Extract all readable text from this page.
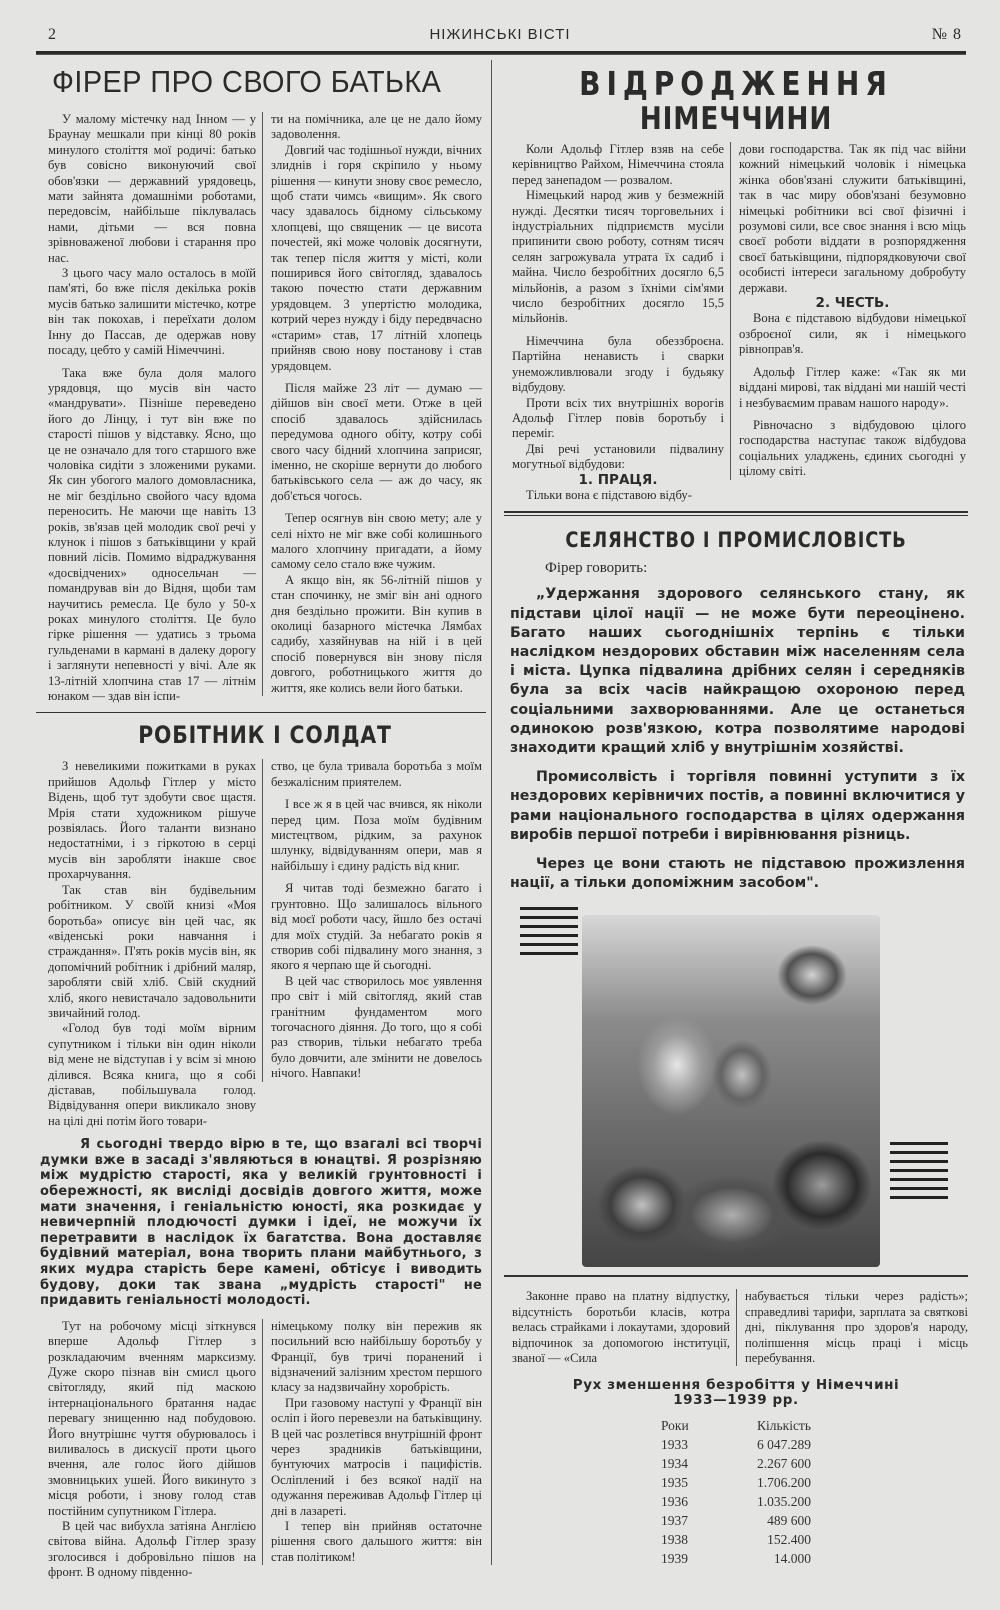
2	НІЖИНСЬКІ ВІСТІ	№ 8
ФІРЕР ПРО СВОГО БАТЬКА

У малому містечку над Інном — у Браунау мешкали при кінці 80 років минулого століття мої родичі: батько був совісно виконуючий свої обов'язки — державний урядовець, мати зайнята домашніми роботами, передовсім, найбільше піклувалась нами, дітьми — вся повна зрівноваженої любови і старання про нас.

З цього часу мало осталось в моїй пам'яті, бо вже після декілька років мусів батько залишити містечко, котре він так покохав, і переїхати долом Інну до Пассав, де одержав нову посаду, цебто у самій Німеччині.

Така вже була доля малого урядовця, що мусів він часто «мандрувати». Пізніше переведено його до Лінцу, і тут він вже по старості пішов у відставку. Ясно, що це не означало для того старшого вже чоловіка сидіти з зложеними руками. Як син убогого малого домовласника, не міг бездільно свойого часу вдома переносить. Не маючи ще навіть 13 років, зв'язав цей молодик свої речі у клунок і пішов з батьківщини у край повний лісів. Помимо відраджування «досвідчених» односельчан — помандрував він до Відня, щоби там научитись ремесла. Це було у 50-х роках минулого століття. Це було гірке рішення — удатись з трьома гульденами в кармані в далеку дорогу і заглянути непевності у вічі. Але як 13-літній хлопчина став 17 — літнім юнаком — здав він іспи-

ти на помічника, але це не дало йому задоволення.

Довгий час тодішньої нужди, вічних злиднів і горя скріпило у ньому рішення — кинути знову своє ремесло, щоб стати чимсь «вищим». Як свого часу здавалось бідному сільському хлопцеві, що священик — це висота почестей, які може чоловік досягнути, так тепер після життя у місті, коли поширився його світогляд, здавалось такою почестю стати державним урядовцем. З упертістю молодика, котрий через нужду і біду передвчасно «старим» став, 17 літній хлопець прийняв свою нову постанову і став урядовцем.

Після майже 23 літ — думаю — дійшов він своєї мети. Отже в цей спосіб здавалось здійснилась передумова одного обіту, котру собі свого часу бідний хлопчина заприсяг, іменно, не скоріше вернути до любого батьківського села — аж до часу, як доб'ється чогось.

Тепер осягнув він свою мету; але у селі ніхто не міг вже собі колишнього малого хлопчину пригадати, а йому самому село стало вже чужим.

А якщо він, як 56-літній пішов у стан спочинку, не зміг він ані одного дня бездільно прожити. Він купив в околиці базарного містечка Лямбах садибу, хазяйнував на ній і в цей спосіб повернувся він знову після довгого, роботницького життя до життя, яке колись вели його батьки.

РОБІТНИК І СОЛДАТ

З невеликими пожитками в руках прийшов Адольф Гітлер у місто Відень, щоб тут здобути своє щастя. Мрія стати художником рішуче розвіялась. Його таланти визнано недостатніми, і з гіркотою в серці мусів він заробляти інакше своє прохарчування.

Так став він будівельним робітником. У своїй книзі «Моя боротьба» описує він цей час, як «віденські роки навчання і страждання». П'ять років мусів він, як допомічний робітник і дрібний маляр, заробляти свій хліб. Свій скудний хліб, якого невистачало задовольнити звичайний голод.

«Голод був тоді моїм вірним супутником і тільки він один ніколи від мене не відступав і у всім зі мною ділився. Всяка книга, що я собі діставав, побільшувала голод. Відвідування опери викликало знову на цілі дні потім його товари-

ство, це була тривала боротьба з моїм безжалісним приятелем.

І все ж я в цей час вчився, як ніколи перед цим. Поза моїм будівним мистецтвом, рідким, за рахунок шлунку, відвідуванням опери, мав я найбільшу і єдину радість від книг.

Я читав тоді безмежно багато і грунтовно. Що залишалось вільного від моєї роботи часу, йшло без остачі для моїх студій. За небагато років я створив собі підвалину мого знання, з якого я черпаю ще й сьогодні.

В цей час створилось моє уявлення про світ і мій світогляд, який став гранітним фундаментом мого тогочасного діяння. До того, що я собі раз створив, тільки небагато треба було довчити, але змінити не довелось нічого. Навпаки!

Я сьогодні твердо вірю в те, що взагалі всі творчі думки вже в засаді з'являються в юнацтві. Я розрізняю між мудрістю старості, яка у великій грунтовності і обережності, як висліді досвідів довгого життя, може мати значення, і геніальністю юності, яка розкидає у невичерпній плодючості думки і ідеї, не можучи їх перетравити в наслідок їх багатства. Вона доставляє будівний матеріал, вона творить плани майбутнього, з яких мудра старість бере камені, обтісує і виводить будову, доки так звана „мудрість старості" не придавить геніальності молодості.

Тут на робочому місці зіткнувся вперше Адольф Гітлер з розкладаючим вченням марксизму. Дуже скоро пізнав він смисл цього світогляду, який під маскою інтернаціонального братання надає перевагу знищенню над побудовою. Його внутрішнє чуття обурювалось і виливалось в дискусії проти цього вчення, але голос його дійшов змовницьких ушей. Його викинуто з місця роботи, і знову голод став постійним супутником Гітлера.

В цей час вибухла затіяна Англією світова війна. Адольф Гітлер зразу зголосився і добровільно пішов на фронт. В одному південно-

німецькому полку він пережив як посильний всю найбільшу боротьбу у Франції, був тричі поранений і відзначений залізним хрестом першого класу за надзвичайну хоробрість.

При газовому наступі у Франції він осліп і його перевезли на батьківщину. В цей час розлетівся внутрішній фронт через зрадників батьківщини, бунтуючих матросів і пацифістів. Осліплений і без всякої надії на одужання переживав Адольф Гітлер ці дні в лазареті.

І тепер він прийняв остаточне рішення свого дальшого життя: він став політиком!

ВІДРОДЖЕННЯ
НІМЕЧЧИНИ

Коли Адольф Гітлер взяв на себе керівництво Райхом, Німеччина стояла перед занепадом — розвалом.

Німецький народ жив у безмежній нужді. Десятки тисяч торговельних і індустріальних підприємств мусіли припинити свою роботу, сотням тисяч селян загрожувала утрата їх садиб і майна. Число безробітних досягло 6,5 мільйонів, а разом з їхніми сім'ями число безробітних досягло 15,5 мільйонів.

Німеччина була обеззброєна. Партійна ненависть і сварки унеможливлювали згоду і будьяку відбудову.

Проти всіх тих внутрішніх ворогів Адольф Гітлер повів боротьбу і переміг.

Дві речі установили підвалину могутньої відбудови:

1. ПРАЦЯ.

Тільки вона є підставою відбу-

дови господарства. Так як під час війни кожний німецький чоловік і німецька жінка обов'язані служити батьківщині, так в час миру обов'язані безумовно німецькі робітники всі свої фізичні і розумові сили, все своє знання і всю міць своєї роботи віддати в розпорядження своєї батьківщини, підпорядковуючи свої особисті інтереси загальному добробуту держави.

2. ЧЕСТЬ.

Вона є підставою відбудови німецької озброєної сили, як і німецького рівноправ'я.

Адольф Гітлер каже: «Так як ми віддані мирові, так віддані ми нашій честі і незбуваємим правам нашого народу».

Рівночасно з відбудовою цілого господарства наступає також відбудова соціальних уладжень, єдиних сьогодні у цілому світі.

СЕЛЯНСТВО І ПРОМИСЛОВІСТЬ
Фірер говорить:

„Удержання здорового селянського стану, як підстави цілої нації — не може бути переоцінено. Багато наших сьогоднішніх терпінь є тільки наслідком нездорових обставин між населенням села і міста. Цупка підвалина дрібних селян і середняків була за всіх часів найкращою охороною перед соціальними захворюваннями. Але це останеться одинокою розв'язкою, котра позволятиме народові знаходити кращий хліб у внутрішнім хозяйстві.

Промисолвість і торгівля повинні уступити з їх нездорових керівничих постів, а повинні включитися у рами національного господарства в цілях одержання виробів першої потреби і вирівнювання різниць.

Через це вони стають не підставою прожизлення нації, а тільки допоміжним засобом".

Законне право на платну відпустку, відсутність боротьби класів, котра велась страйками і локаутами, здоровий відпочинок за допомогою інституції, званої — «Сила

набувається тільки через радість»; справедливі тарифи, зарплата за святкові дні, піклування про здоров'я народу, поліпшення місць праці і місць перебування.

Рух зменшення безробіття у Німеччині
1933—1939 рр.
Роки	Кількість
1933	6 047.289
1934	2.267 600
1935	1.706.200
1936	1.035.200
1937	489 600
1938	152.400
1939	14.000
